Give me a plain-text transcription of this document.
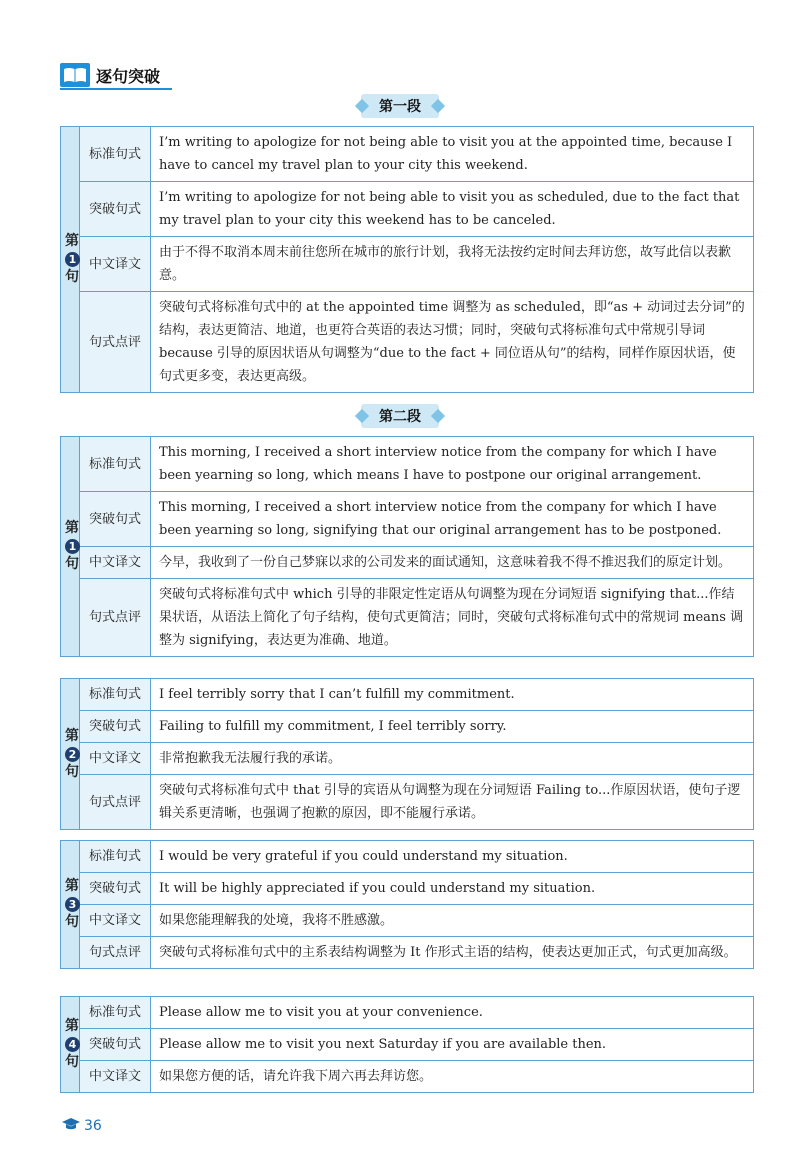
逐句突破
第一段
第
1
句	标准句式	I’m writing to apologize for not being able to visit you at the appointed time, because I have to cancel my travel plan to your city this weekend.
	突破句式	I’m writing to apologize for not being able to visit you as scheduled, due to the fact that my travel plan to your city this weekend has to be canceled.
	中文译文	由于不得不取消本周末前往您所在城市的旅行计划，我将无法按约定时间去拜访您，故写此信以表歉意。
	句式点评	突破句式将标准句式中的 at the appointed time 调整为 as scheduled，即“as + 动词过去分词”的结构，表达更简洁、地道，也更符合英语的表达习惯；同时，突破句式将标准句式中常规引导词 because 引导的原因状语从句调整为“due to the fact + 同位语从句”的结构，同样作原因状语，使句式更多变，表达更高级。
第二段
第
1
句	标准句式	This morning, I received a short interview notice from the company for which I have been yearning so long, which means I have to postpone our original arrangement.
	突破句式	This morning, I received a short interview notice from the company for which I have been yearning so long, signifying that our original arrangement has to be postponed.
	中文译文	今早，我收到了一份自己梦寐以求的公司发来的面试通知，这意味着我不得不推迟我们的原定计划。
	句式点评	突破句式将标准句式中 which 引导的非限定性定语从句调整为现在分词短语 signifying that...作结果状语，从语法上简化了句子结构，使句式更简洁；同时，突破句式将标准句式中的常规词 means 调整为 signifying，表达更为准确、地道。
第
2
句	标准句式	I feel terribly sorry that I can’t fulfill my commitment.
	突破句式	Failing to fulfill my commitment, I feel terribly sorry.
	中文译文	非常抱歉我无法履行我的承诺。
	句式点评	突破句式将标准句式中 that 引导的宾语从句调整为现在分词短语 Failing to...作原因状语，使句子逻辑关系更清晰，也强调了抱歉的原因，即不能履行承诺。
第
3
句	标准句式	I would be very grateful if you could understand my situation.
	突破句式	It will be highly appreciated if you could understand my situation.
	中文译文	如果您能理解我的处境，我将不胜感激。
	句式点评	突破句式将标准句式中的主系表结构调整为 It 作形式主语的结构，使表达更加正式，句式更加高级。
第
4
句	标准句式	Please allow me to visit you at your convenience.
	突破句式	Please allow me to visit you next Saturday if you are available then.
	中文译文	如果您方便的话，请允许我下周六再去拜访您。
36
